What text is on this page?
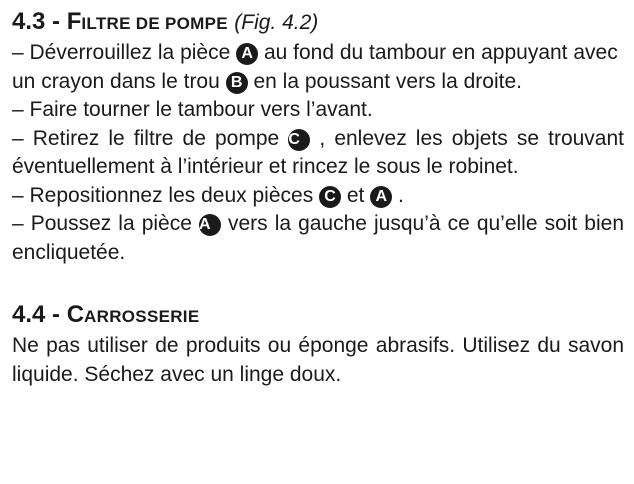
4.3 - FILTRE DE POMPE (Fig. 4.2)

– Déverrouillez la pièce A au fond du tambour en appuyant avec un crayon dans le trou B en la poussant vers la droite.

– Faire tourner le tambour vers l’avant.

– Retirez le filtre de pompe C , enlevez les objets se trouvant éventuellement à l’intérieur et rincez le sous le robinet.

– Repositionnez les deux pièces C et A .

– Poussez la pièce A vers la gauche jusqu’à ce qu’elle soit bien encliquetée.

4.4 - CARROSSERIE

Ne pas utiliser de produits ou éponge abrasifs. Utilisez du savon liquide. Séchez avec un linge doux.
